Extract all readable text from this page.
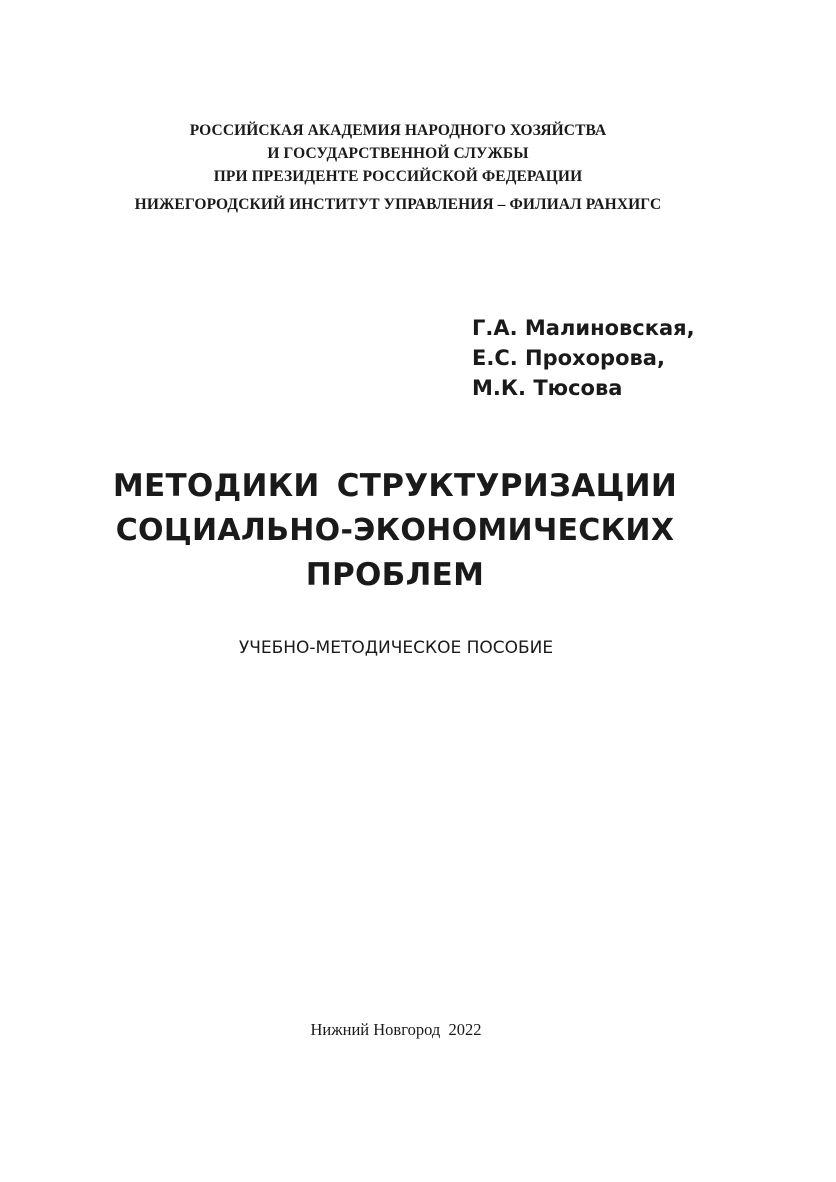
РОССИЙСКАЯ АКАДЕМИЯ НАРОДНОГО ХОЗЯЙСТВА
И ГОСУДАРСТВЕННОЙ СЛУЖБЫ
ПРИ ПРЕЗИДЕНТЕ РОССИЙСКОЙ ФЕДЕРАЦИИ
НИЖЕГОРОДСКИЙ ИНСТИТУТ УПРАВЛЕНИЯ – ФИЛИАЛ РАНХИГС
Г.А. Малиновская,
Е.С. Прохорова,
М.К. Тюсова
МЕТОДИКИ СТРУКТУРИЗАЦИИ
СОЦИАЛЬНО-ЭКОНОМИЧЕСКИХ
ПРОБЛЕМ
УЧЕБНО-МЕТОДИЧЕСКОЕ ПОСОБИЕ
Нижний Новгород  2022
